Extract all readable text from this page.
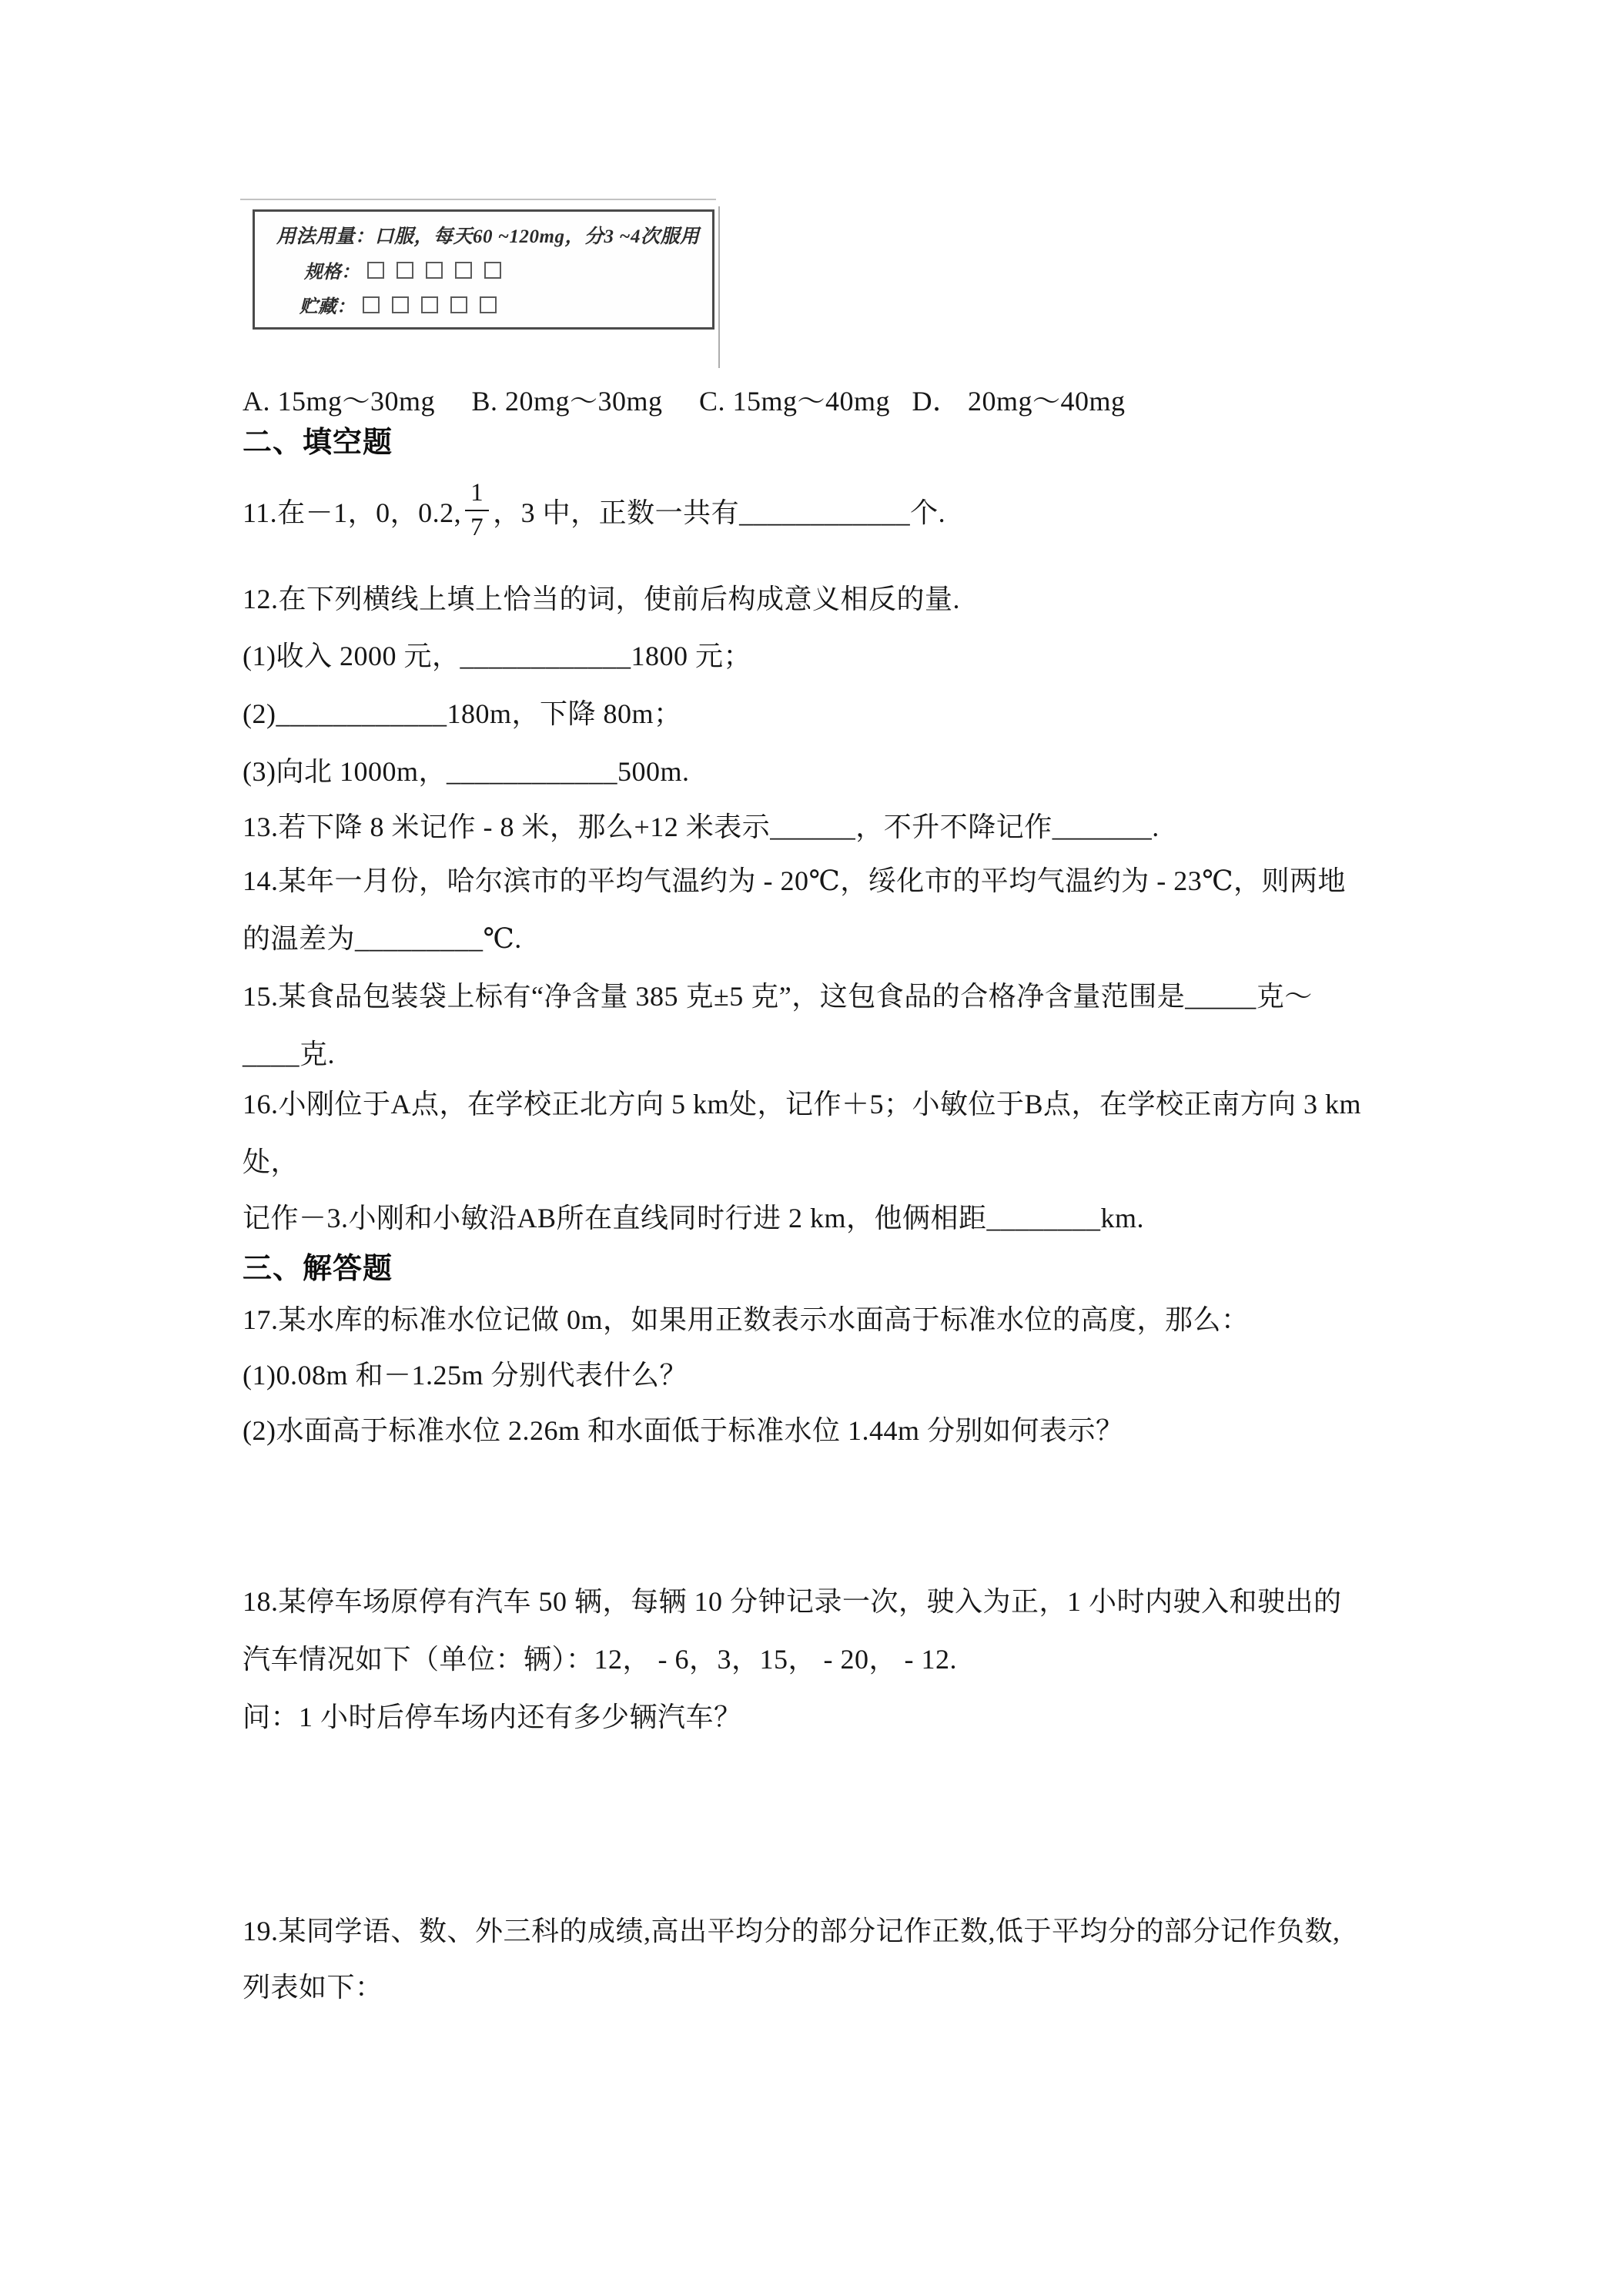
用法用量：口服，每天60 ~120mg，分3 ~4次服用
规格：
贮藏：
A. 15mg～30mg     B. 20mg～30mg     C. 15mg～40mg   D． 20mg～40mg
二、填空题
11.在－1，0，0.2, $\frac{1}{7}$ ，3 中，正数一共有____________个.
12.在下列横线上填上恰当的词，使前后构成意义相反的量.
(1)收入 2000 元，____________1800 元；
(2)____________180m，下降 80m；
(3)向北 1000m，____________500m.
13.若下降 8 米记作 - 8 米，那么+12 米表示______，不升不降记作_______.
14.某年一月份，哈尔滨市的平均气温约为 - 20℃，绥化市的平均气温约为 - 23℃，则两地
的温差为_________℃.
15.某食品包装袋上标有“净含量 385 克±5 克”，这包食品的合格净含量范围是_____克～
____克.
16.小刚位于A点，在学校正北方向 5 km处，记作＋5；小敏位于B点，在学校正南方向 3 km
处，
记作－3.小刚和小敏沿AB所在直线同时行进 2 km，他俩相距________km.
三、解答题
17.某水库的标准水位记做 0m，如果用正数表示水面高于标准水位的高度，那么：
(1)0.08m 和－1.25m 分别代表什么？
(2)水面高于标准水位 2.26m 和水面低于标准水位 1.44m 分别如何表示？
18.某停车场原停有汽车 50 辆，每辆 10 分钟记录一次，驶入为正，1 小时内驶入和驶出的
汽车情况如下（单位：辆）：12， - 6，3，15， - 20， - 12.
问：1 小时后停车场内还有多少辆汽车？
19.某同学语、数、外三科的成绩,高出平均分的部分记作正数,低于平均分的部分记作负数,
列表如下：
